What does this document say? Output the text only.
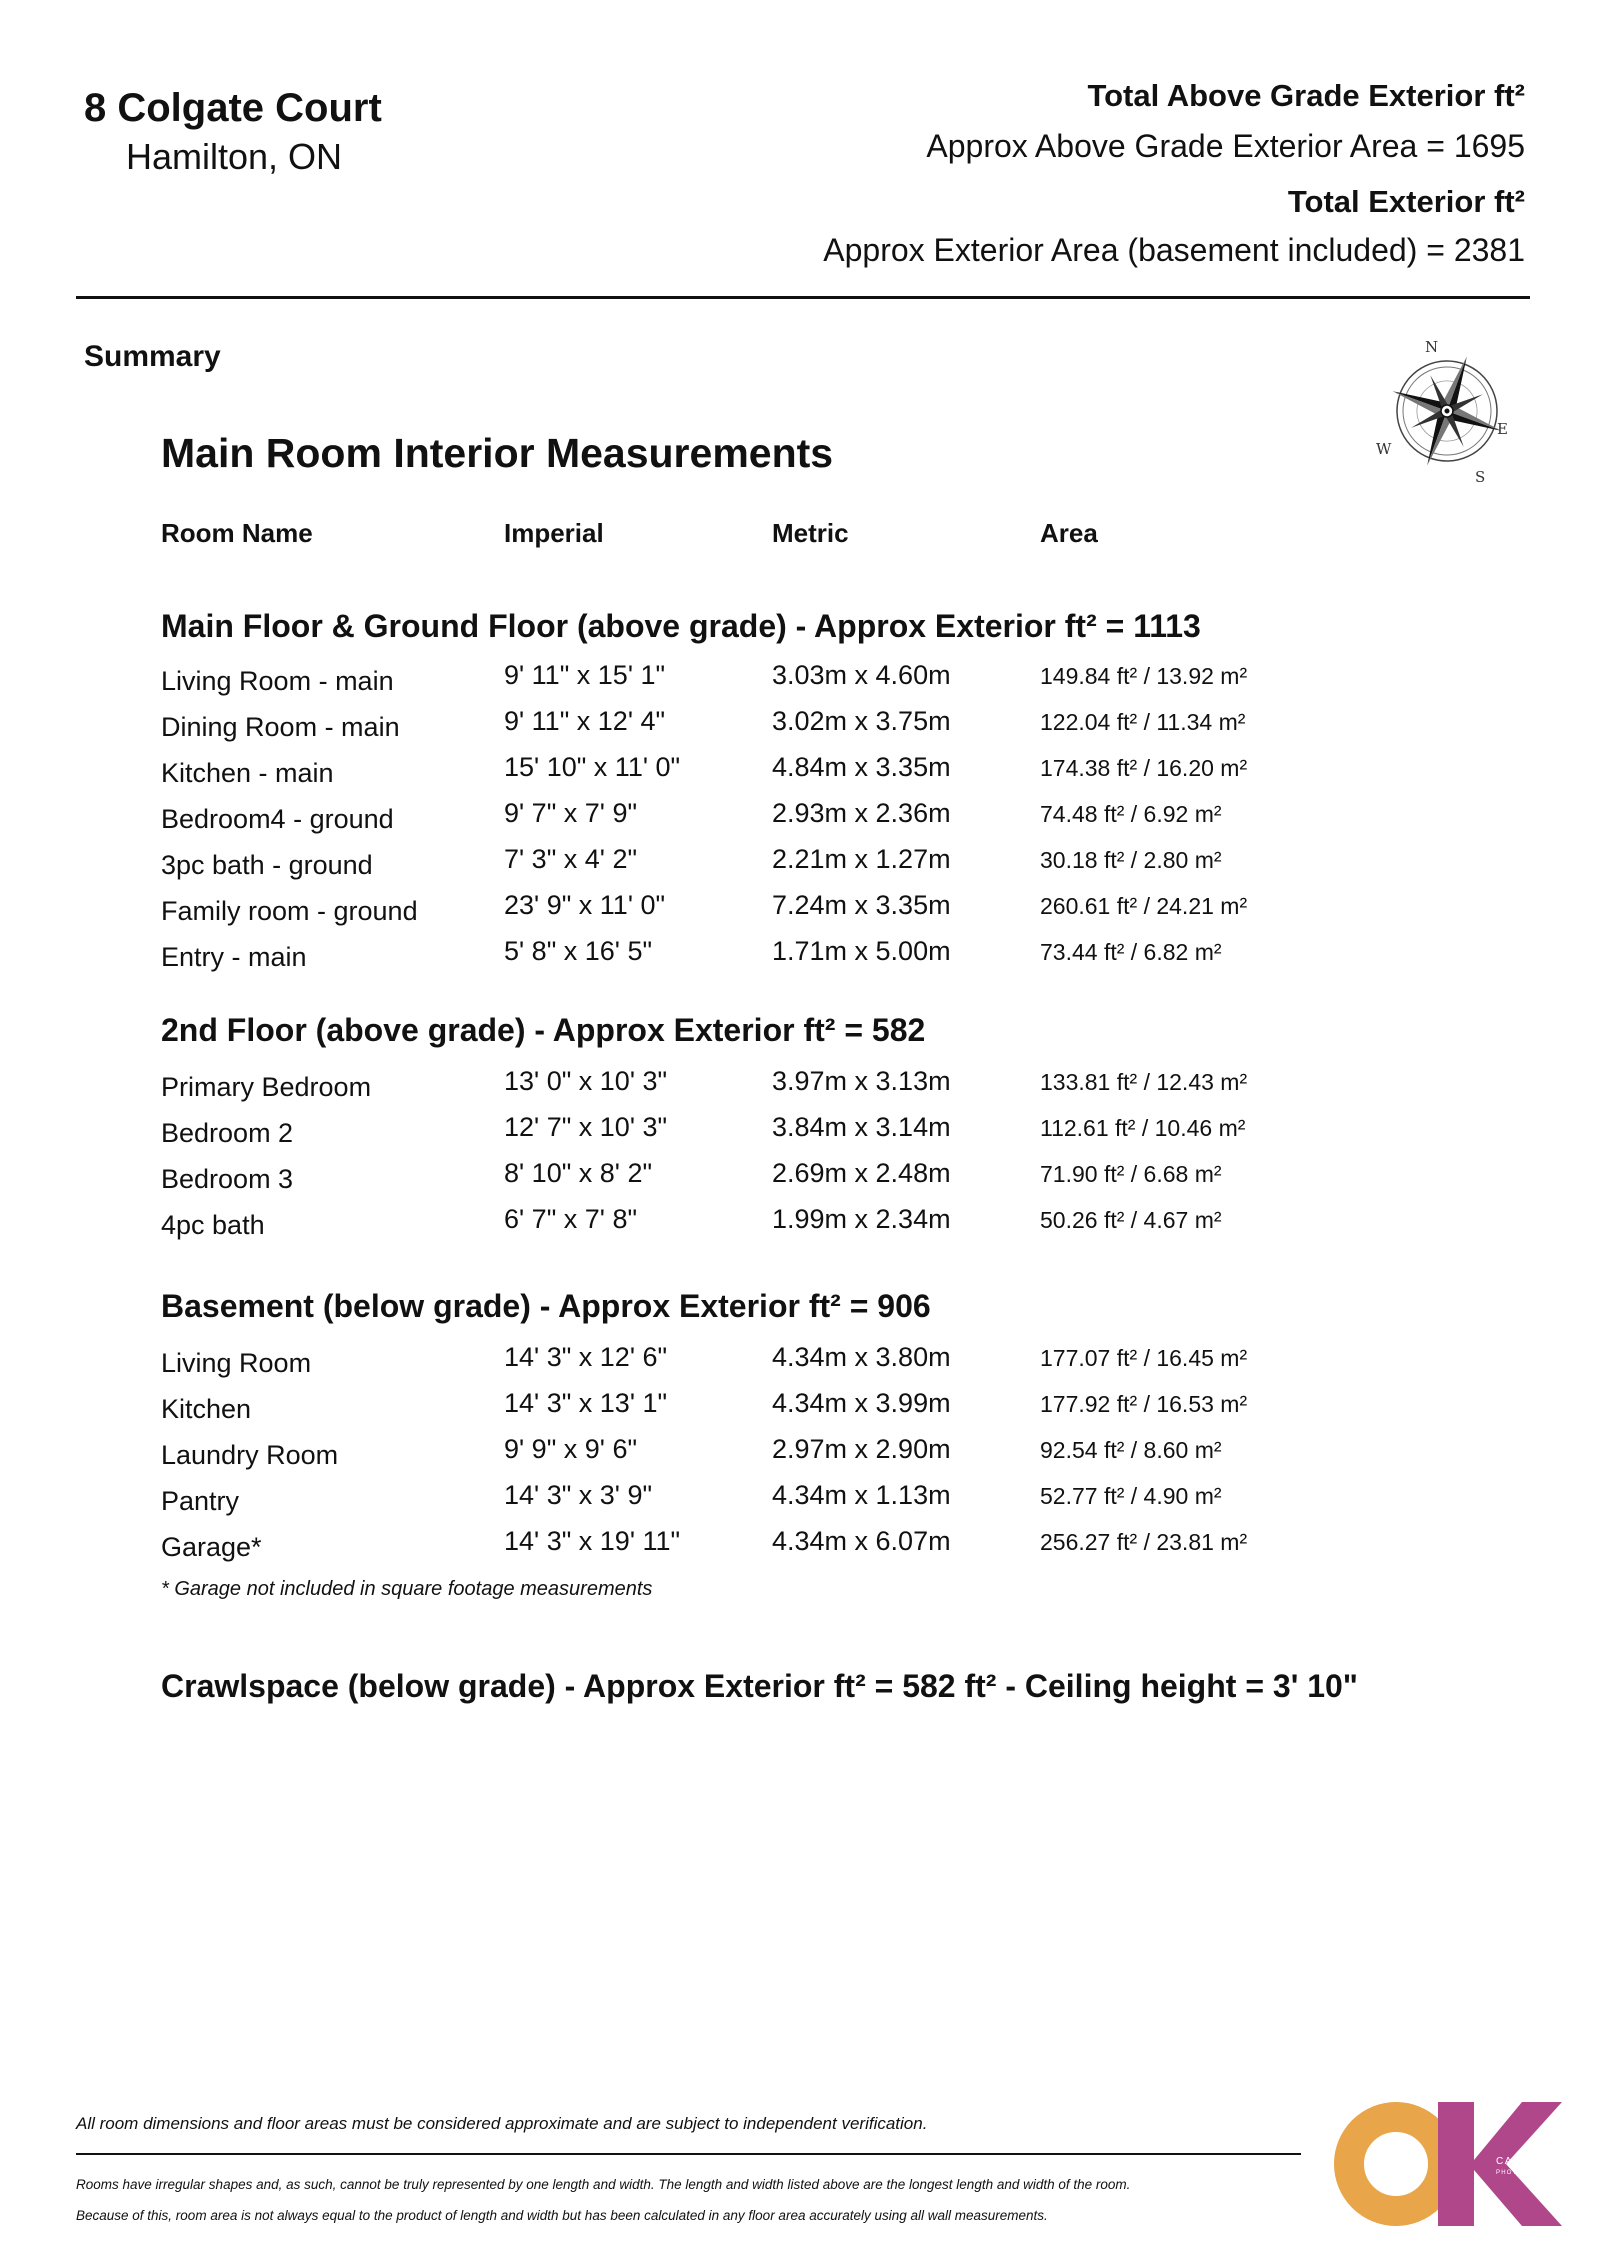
8 Colgate Court
Hamilton, ON
Total Above Grade Exterior ft²
Approx Above Grade Exterior Area = 1695
Total Exterior ft²
Approx Exterior Area (basement included) = 2381
Summary	N
E
S
W
Main Room Interior Measurements
Room Name	Imperial	Metric	Area
Main Floor & Ground Floor (above grade) - Approx Exterior ft² = 1113
Living Room - main	9' 11" x 15' 1"	3.03m x 4.60m	149.84 ft² / 13.92 m²
Dining Room - main	9' 11" x 12' 4"	3.02m x 3.75m	122.04 ft² / 11.34 m²
Kitchen - main	15' 10" x 11' 0"	4.84m x 3.35m	174.38 ft² / 16.20 m²
Bedroom4 - ground	9' 7" x 7' 9"	2.93m x 2.36m	74.48 ft² / 6.92 m²
3pc bath - ground	7' 3" x 4' 2"	2.21m x 1.27m	30.18 ft² / 2.80 m²
Family room - ground	23' 9" x 11' 0"	7.24m x 3.35m	260.61 ft² / 24.21 m²
Entry - main	5' 8" x 16' 5"	1.71m x 5.00m	73.44 ft² / 6.82 m²
2nd Floor (above grade) - Approx Exterior ft² = 582
Primary Bedroom	13' 0" x 10' 3"	3.97m x 3.13m	133.81 ft² / 12.43 m²
Bedroom 2	12' 7" x 10' 3"	3.84m x 3.14m	112.61 ft² / 10.46 m²
Bedroom 3	8' 10" x 8' 2"	2.69m x 2.48m	71.90 ft² / 6.68 m²
4pc bath	6' 7" x 7' 8"	1.99m x 2.34m	50.26 ft² / 4.67 m²
Basement (below grade) - Approx Exterior ft² = 906
Living Room	14' 3" x 12' 6"	4.34m x 3.80m	177.07 ft² / 16.45 m²
Kitchen	14' 3" x 13' 1"	4.34m x 3.99m	177.92 ft² / 16.53 m²
Laundry Room	9' 9" x 9' 6"	2.97m x 2.90m	92.54 ft² / 8.60 m²
Pantry	14' 3" x 3' 9"	4.34m x 1.13m	52.77 ft² / 4.90 m²
Garage*	14' 3" x 19' 11"	4.34m x 6.07m	256.27 ft² / 23.81 m²
* Garage not included in square footage measurements
Crawlspace (below grade) - Approx Exterior ft² = 582 ft² - Ceiling height = 3' 10"
All room dimensions and floor areas must be considered approximate and are subject to independent verification.
Rooms have irregular shapes and, as such, cannot be truly represented by one length and width. The length and width listed above are the longest length and width of the room.
Because of this, room area is not always equal to the product of length and width but has been calculated in any floor area accurately using all wall measurements.
CATHY KOOP
PHOTOGRAPHY
